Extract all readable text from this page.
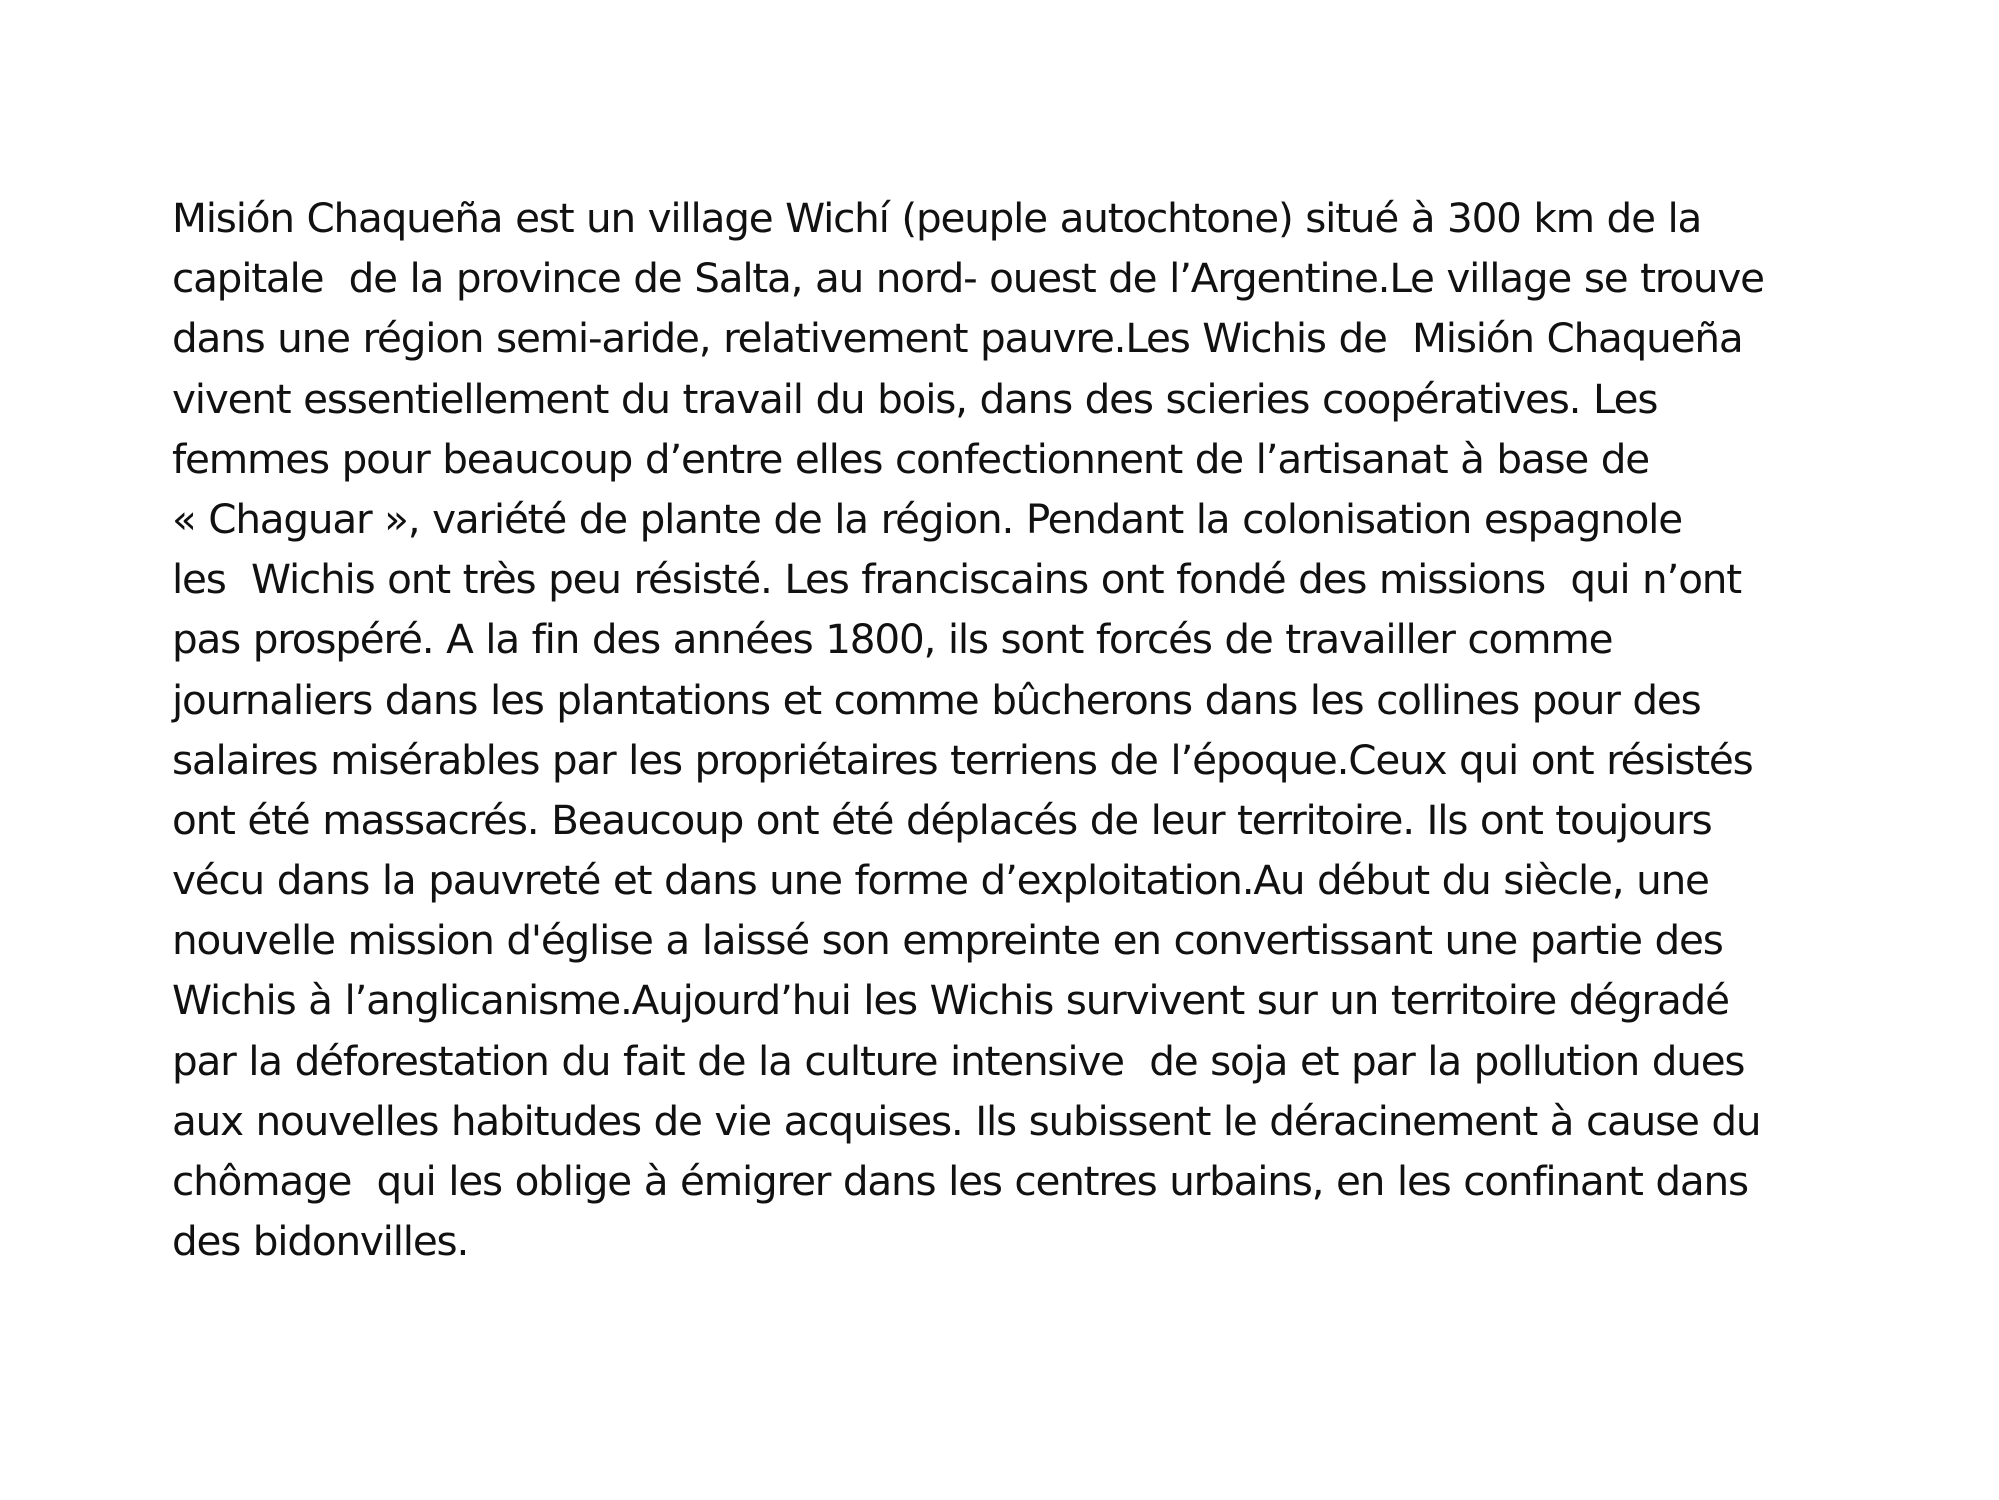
Misión Chaqueña est un village Wichí (peuple autochtone) situé à 300 km de la
capitale  de la province de Salta, au nord- ouest de l’Argentine.Le village se trouve
dans une région semi-aride, relativement pauvre.Les Wichis de  Misión Chaqueña
vivent essentiellement du travail du bois, dans des scieries coopératives. Les
femmes pour beaucoup d’entre elles confectionnent de l’artisanat à base de
« Chaguar », variété de plante de la région. Pendant la colonisation espagnole
les  Wichis ont très peu résisté. Les franciscains ont fondé des missions  qui n’ont
pas prospéré. A la fin des années 1800, ils sont forcés de travailler comme
journaliers dans les plantations et comme bûcherons dans les collines pour des
salaires misérables par les propriétaires terriens de l’époque.Ceux qui ont résistés
ont été massacrés. Beaucoup ont été déplacés de leur territoire. Ils ont toujours
vécu dans la pauvreté et dans une forme d’exploitation.Au début du siècle, une
nouvelle mission d'église a laissé son empreinte en convertissant une partie des
Wichis à l’anglicanisme.Aujourd’hui les Wichis survivent sur un territoire dégradé
par la déforestation du fait de la culture intensive  de soja et par la pollution dues
aux nouvelles habitudes de vie acquises. Ils subissent le déracinement à cause du
chômage  qui les oblige à émigrer dans les centres urbains, en les confinant dans
des bidonvilles.
